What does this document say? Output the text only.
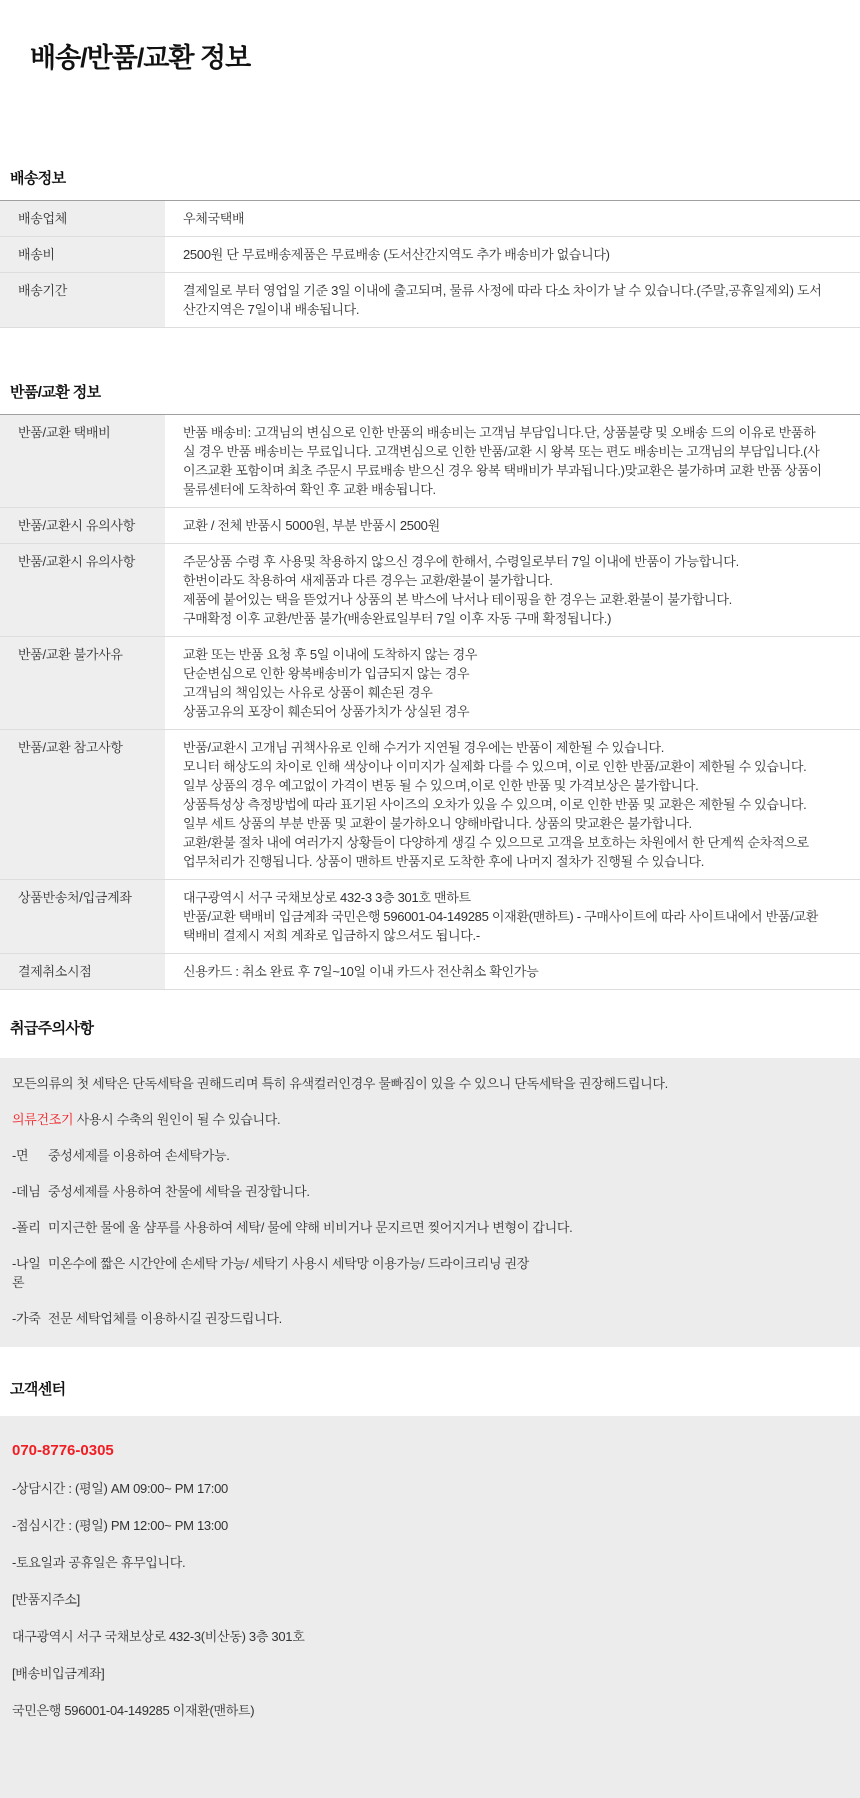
배송/반품/교환 정보
배송정보
배송업체	우체국택배
배송비	2500원 단 무료배송제품은 무료배송 (도서산간지역도 추가 배송비가 없습니다)
배송기간	결제일로 부터 영업일 기준 3일 이내에 출고되며, 물류 사정에 따라 다소 차이가 날 수 있습니다.(주말,공휴일제외) 도서산간지역은 7일이내 배송됩니다.
반품/교환 정보
반품/교환 택배비	반품 배송비: 고객님의 변심으로 인한 반품의 배송비는 고객님 부담입니다.단, 상품불량 및 오배송 드의 이유로 반품하실 경우 반품 배송비는 무료입니다. 고객변심으로 인한 반품/교환 시 왕복 또는 편도 배송비는 고객님의 부담입니다.(사이즈교환 포함이며 최초 주문시 무료배송 받으신 경우 왕복 택배비가 부과됩니다.)맞교환은 불가하며 교환 반품 상품이 물류센터에 도착하여 확인 후 교환 배송됩니다.
반품/교환시 유의사항	교환 / 전체 반품시 5000원, 부분 반품시 2500원
반품/교환시 유의사항	주문상품 수령 후 사용및 착용하지 않으신 경우에 한해서, 수령일로부터 7일 이내에 반품이 가능합니다.
한번이라도 착용하여 새제품과 다른 경우는 교환/환불이 불가합니다.
제품에 붙어있는 택을 뜯었거나 상품의 본 박스에 낙서나 테이핑을 한 경우는 교환.환불이 불가합니다.
구매확정 이후 교환/반품 불가(배송완료일부터 7일 이후 자동 구매 확정됩니다.)
반품/교환 불가사유	교환 또는 반품 요청 후 5일 이내에 도착하지 않는 경우
단순변심으로 인한 왕복배송비가 입금되지 않는 경우
고객님의 책임있는 사유로 상품이 훼손된 경우
상품고유의 포장이 훼손되어 상품가치가 상실된 경우
반품/교환 참고사항	반품/교환시 고개님 귀책사유로 인해 수거가 지연될 경우에는 반품이 제한될 수 있습니다.
모니터 해상도의 차이로 인해 색상이나 이미지가 실제화 다를 수 있으며, 이로 인한 반품/교환이 제한될 수 있습니다.
일부 상품의 경우 예고없이 가격이 변동 될 수 있으며,이로 인한 반품 및 가격보상은 불가합니다.
상품특성상 측정방법에 따라 표기된 사이즈의 오차가 있을 수 있으며, 이로 인한 반품 및 교환은 제한될 수 있습니다.
일부 세트 상품의 부분 반품 및 교환이 불가하오니 양해바랍니다. 상품의 맞교환은 불가합니다.
교환/환불 절차 내에 여러가지 상황들이 다양하게 생길 수 있으므로 고객을 보호하는 차원에서 한 단계씩 순차적으로 업무처리가 진행됩니다. 상품이 맨하트 반품지로 도착한 후에 나머지 절차가 진행될 수 있습니다.
상품반송처/입금계좌	대구광역시 서구 국채보상로 432-3 3층 301호 맨하트
반품/교환 택배비 입금계좌 국민은행 596001-04-149285 이재환(맨하트) - 구매사이트에 따라 사이트내에서 반품/교환 택배비 결제시 저희 계좌로 입금하지 않으셔도 됩니다.-
결제취소시점	신용카드 : 취소 완료 후 7일~10일 이내 카드사 전산취소 확인가능
취급주의사항

모든의류의 첫 세탁은 단독세탁을 권해드리며 특히 유색컬러인경우 물빠짐이 있을 수 있으니 단독세탁을 권장해드립니다.

의류건조기 사용시 수축의 원인이 될 수 있습니다.

-면	중성세제를 이용하여 손세탁가능.
-데님 중성세제를 사용하여 찬물에 세탁을 권장합니다.
-폴리 미지근한 물에 울 샴푸를 사용하여 세탁/ 물에 약해 비비거나 문지르면 찢어지거나 변형이 갑니다.
-나일론
미온수에 짧은 시간안에 손세탁 가능/ 세탁기 사용시 세탁망 이용가능/ 드라이크리닝 권장
-가죽 전문 세탁업체를 이용하시길 권장드립니다.
고객센터

070-8776-0305

-상담시간 : (평일) AM 09:00~ PM 17:00

-점심시간 : (평일) PM 12:00~ PM 13:00

-토요일과 공휴일은 휴무입니다.

[반품지주소]

대구광역시 서구 국채보상로 432-3(비산동) 3층 301호

[배송비입금계좌]

국민은행 596001-04-149285 이재환(맨하트)
